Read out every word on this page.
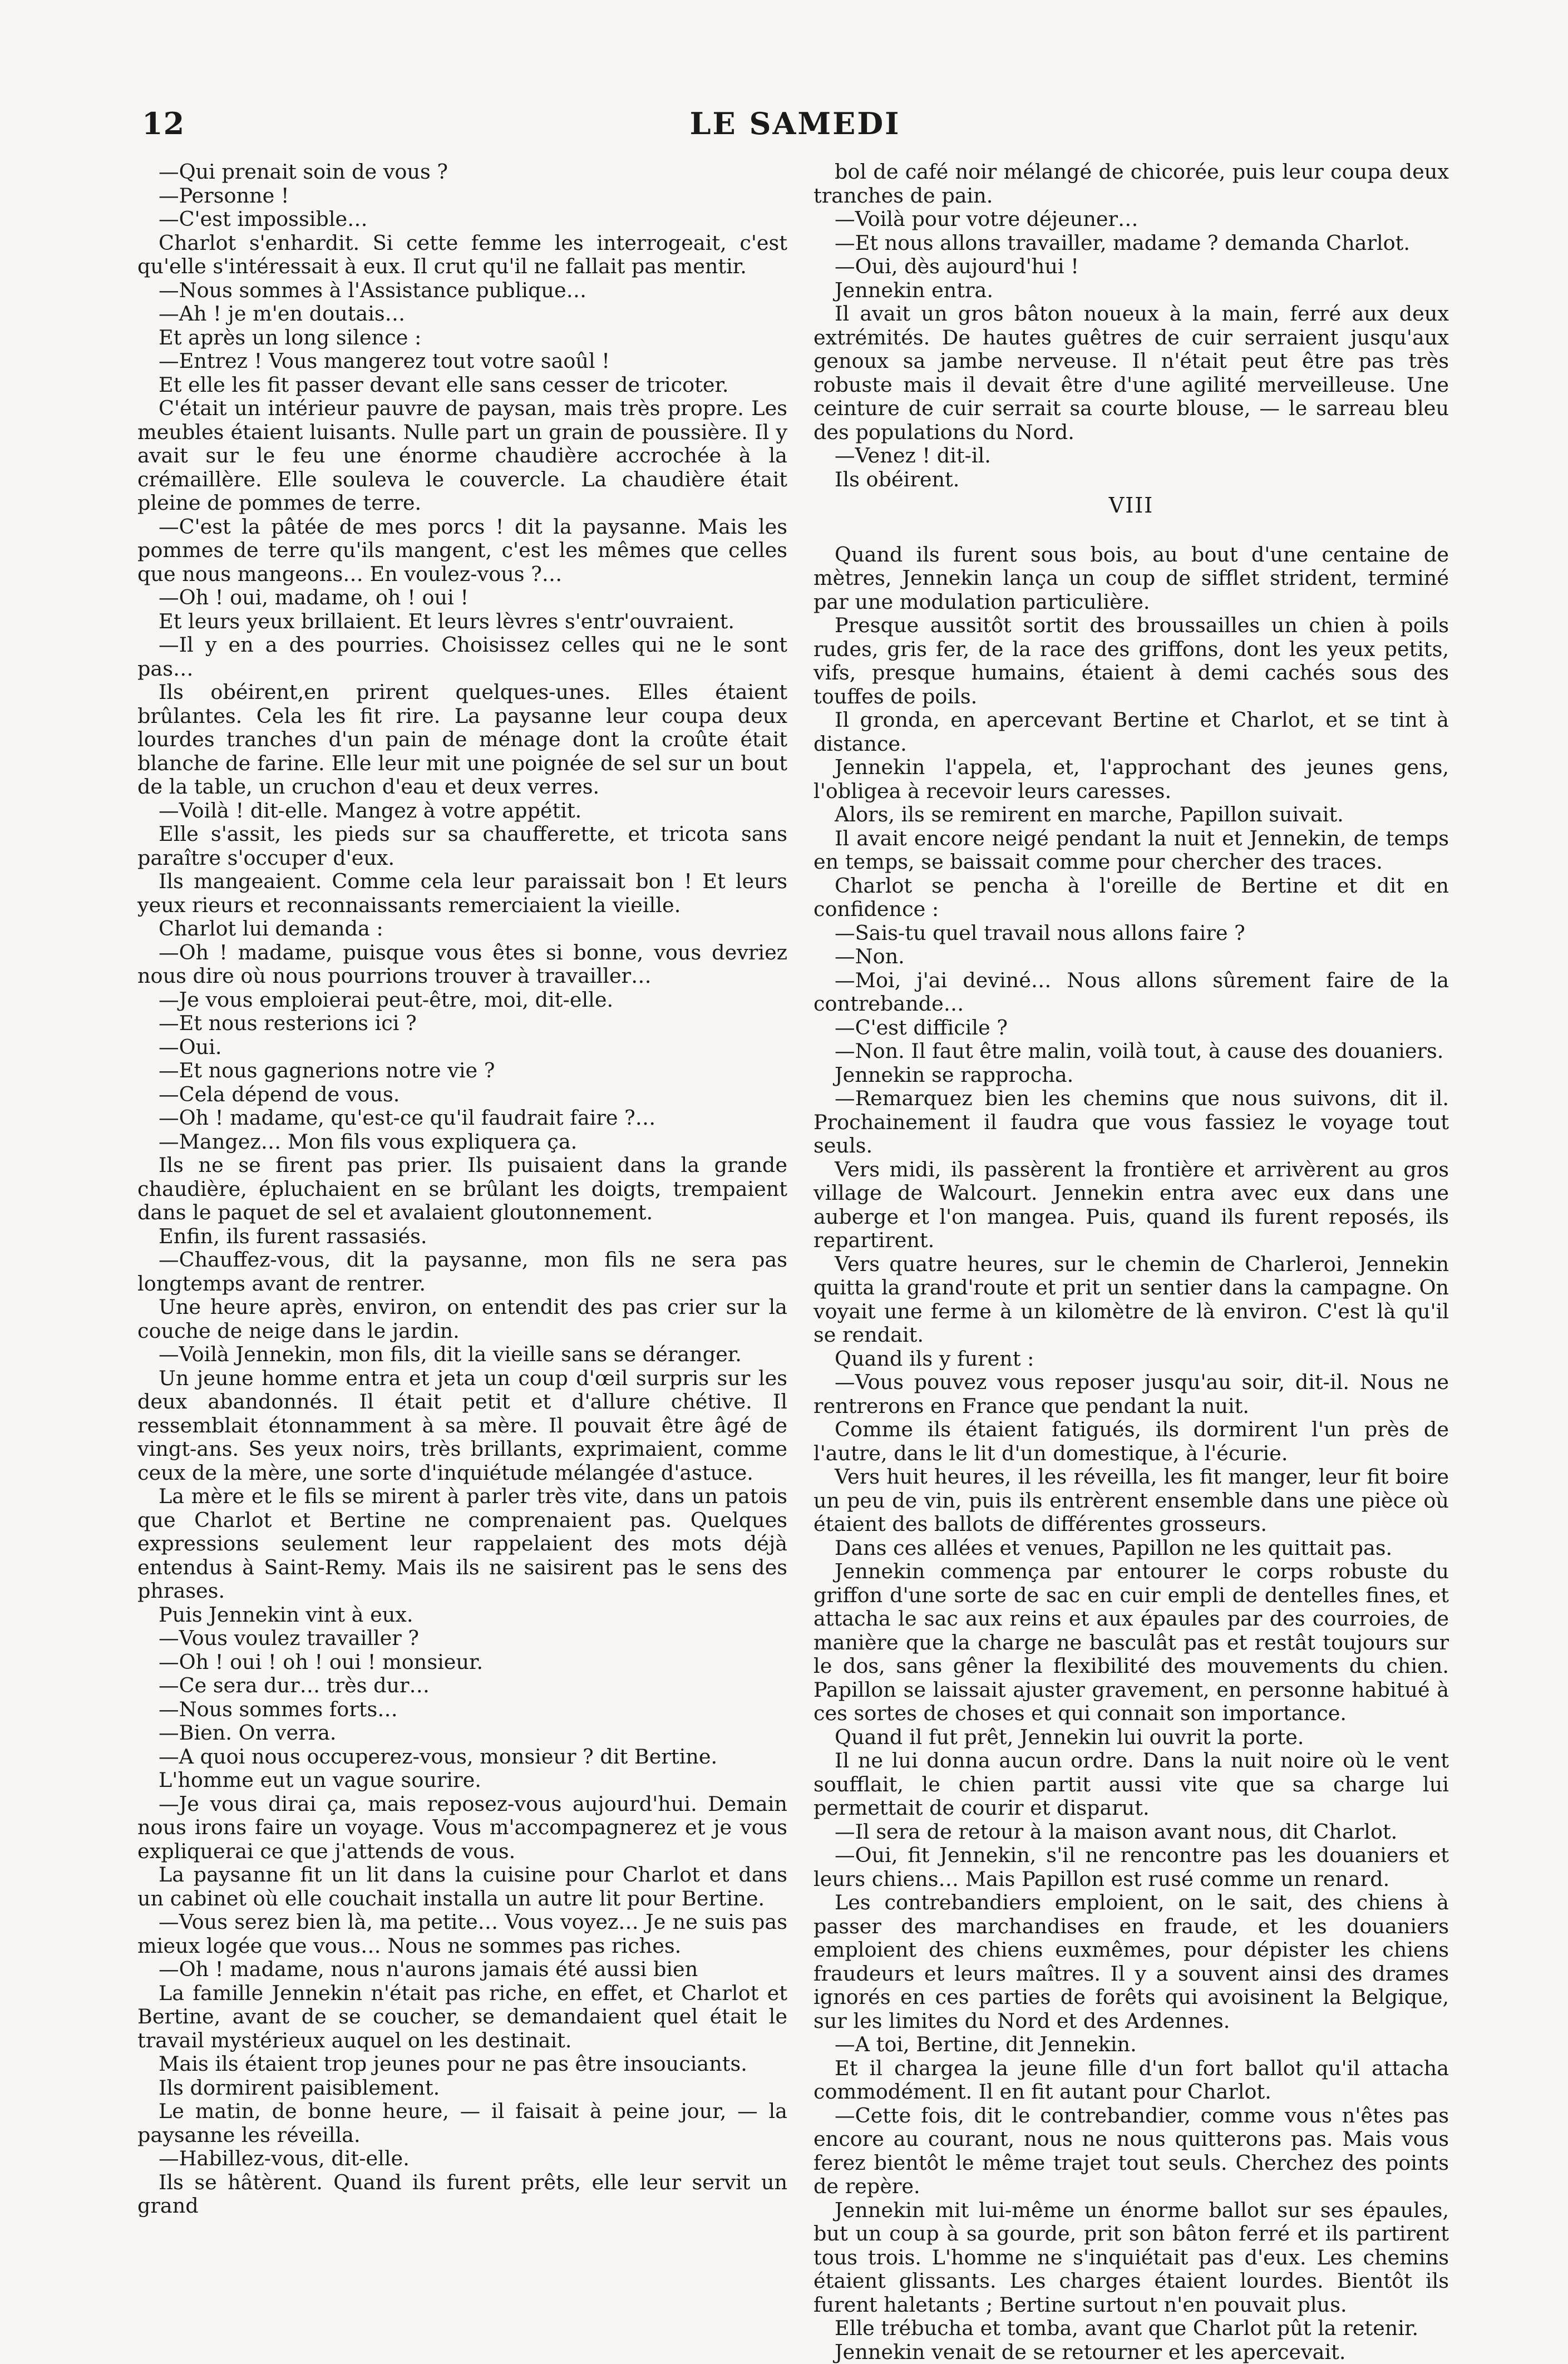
12	LE SAMEDI

—Qui prenait soin de vous ?

—Personne !

—C'est impossible…

Charlot s'enhardit. Si cette femme les interrogeait, c'est qu'elle s'intéressait à eux. Il crut qu'il ne fallait pas mentir.

—Nous sommes à l'Assistance publique…

—Ah ! je m'en doutais…

Et après un long silence :

—Entrez ! Vous mangerez tout votre saoûl !

Et elle les fit passer devant elle sans cesser de tricoter.

C'était un intérieur pauvre de paysan, mais très propre. Les meubles étaient luisants. Nulle part un grain de poussière. Il y avait sur le feu une énorme chaudière accrochée à la crémaillère. Elle souleva le couvercle. La chaudière était pleine de pommes de terre.

—C'est la pâtée de mes porcs ! dit la paysanne. Mais les pommes de terre qu'ils mangent, c'est les mêmes que celles que nous mangeons… En voulez-vous ?…

—Oh ! oui, madame, oh ! oui !

Et leurs yeux brillaient. Et leurs lèvres s'entr'ouvraient.

—Il y en a des pourries. Choisissez celles qui ne le sont pas…

Ils obéirent,en prirent quelques-unes. Elles étaient brûlantes. Cela les fit rire. La paysanne leur coupa deux lourdes tranches d'un pain de ménage dont la croûte était blanche de farine. Elle leur mit une poignée de sel sur un bout de la table, un cruchon d'eau et deux verres.

—Voilà ! dit-elle. Mangez à votre appétit.

Elle s'assit, les pieds sur sa chaufferette, et tricota sans paraître s'occuper d'eux.

Ils mangeaient. Comme cela leur paraissait bon ! Et leurs yeux rieurs et reconnaissants remerciaient la vieille.

Charlot lui demanda :

—Oh ! madame, puisque vous êtes si bonne, vous devriez nous dire où nous pourrions trouver à travailler…

—Je vous emploierai peut-être, moi, dit-elle.

—Et nous resterions ici ?

—Oui.

—Et nous gagnerions notre vie ?

—Cela dépend de vous.

—Oh ! madame, qu'est-ce qu'il faudrait faire ?…

—Mangez… Mon fils vous expliquera ça.

Ils ne se firent pas prier. Ils puisaient dans la grande chaudière, épluchaient en se brûlant les doigts, trempaient dans le paquet de sel et avalaient gloutonnement.

Enfin, ils furent rassasiés.

—Chauffez-vous, dit la paysanne, mon fils ne sera pas longtemps avant de rentrer.

Une heure après, environ, on entendit des pas crier sur la couche de neige dans le jardin.

—Voilà Jennekin, mon fils, dit la vieille sans se déranger.

Un jeune homme entra et jeta un coup d'œil surpris sur les deux abandonnés. Il était petit et d'allure chétive. Il ressemblait étonnamment à sa mère. Il pouvait être âgé de vingt-ans. Ses yeux noirs, très brillants, exprimaient, comme ceux de la mère, une sorte d'inquiétude mélangée d'astuce.

La mère et le fils se mirent à parler très vite, dans un patois que Charlot et Bertine ne comprenaient pas. Quelques expressions seulement leur rappelaient des mots déjà entendus à Saint-Remy. Mais ils ne saisirent pas le sens des phrases.

Puis Jennekin vint à eux.

—Vous voulez travailler ?

—Oh ! oui ! oh ! oui ! monsieur.

—Ce sera dur… très dur…

—Nous sommes forts…

—Bien. On verra.

—A quoi nous occuperez-vous, monsieur ? dit Bertine.

L'homme eut un vague sourire.

—Je vous dirai ça, mais reposez-vous aujourd'hui. Demain nous irons faire un voyage. Vous m'accompagnerez et je vous expliquerai ce que j'attends de vous.

La paysanne fit un lit dans la cuisine pour Charlot et dans un cabinet où elle couchait installa un autre lit pour Bertine.

—Vous serez bien là, ma petite… Vous voyez… Je ne suis pas mieux logée que vous… Nous ne sommes pas riches.

—Oh ! madame, nous n'aurons jamais été aussi bien

La famille Jennekin n'était pas riche, en effet, et Charlot et Bertine, avant de se coucher, se demandaient quel était le travail mystérieux auquel on les destinait.

Mais ils étaient trop jeunes pour ne pas être insouciants.

Ils dormirent paisiblement.

Le matin, de bonne heure, — il faisait à peine jour, — la paysanne les réveilla.

—Habillez-vous, dit-elle.

Ils se hâtèrent. Quand ils furent prêts, elle leur servit un grand

bol de café noir mélangé de chicorée, puis leur coupa deux tranches de pain.

—Voilà pour votre déjeuner…

—Et nous allons travailler, madame ? demanda Charlot.

—Oui, dès aujourd'hui !

Jennekin entra.

Il avait un gros bâton noueux à la main, ferré aux deux extrémités. De hautes guêtres de cuir serraient jusqu'aux genoux sa jambe nerveuse. Il n'était peut être pas très robuste mais il devait être d'une agilité merveilleuse. Une ceinture de cuir serrait sa courte blouse, — le sarreau bleu des populations du Nord.

—Venez ! dit-il.

Ils obéirent.

VIII

Quand ils furent sous bois, au bout d'une centaine de mètres, Jennekin lança un coup de sifflet strident, terminé par une modulation particulière.

Presque aussitôt sortit des broussailles un chien à poils rudes, gris fer, de la race des griffons, dont les yeux petits, vifs, presque humains, étaient à demi cachés sous des touffes de poils.

Il gronda, en apercevant Bertine et Charlot, et se tint à distance.

Jennekin l'appela, et, l'approchant des jeunes gens, l'obligea à recevoir leurs caresses.

Alors, ils se remirent en marche, Papillon suivait.

Il avait encore neigé pendant la nuit et Jennekin, de temps en temps, se baissait comme pour chercher des traces.

Charlot se pencha à l'oreille de Bertine et dit en confidence :

—Sais-tu quel travail nous allons faire ?

—Non.

—Moi, j'ai deviné… Nous allons sûrement faire de la contrebande…

—C'est difficile ?

—Non. Il faut être malin, voilà tout, à cause des douaniers.

Jennekin se rapprocha.

—Remarquez bien les chemins que nous suivons, dit il. Prochainement il faudra que vous fassiez le voyage tout seuls.

Vers midi, ils passèrent la frontière et arrivèrent au gros village de Walcourt. Jennekin entra avec eux dans une auberge et l'on mangea. Puis, quand ils furent reposés, ils repartirent.

Vers quatre heures, sur le chemin de Charleroi, Jennekin quitta la grand'route et prit un sentier dans la campagne. On voyait une ferme à un kilomètre de là environ. C'est là qu'il se rendait.

Quand ils y furent :

—Vous pouvez vous reposer jusqu'au soir, dit-il. Nous ne rentrerons en France que pendant la nuit.

Comme ils étaient fatigués, ils dormirent l'un près de l'autre, dans le lit d'un domestique, à l'écurie.

Vers huit heures, il les réveilla, les fit manger, leur fit boire un peu de vin, puis ils entrèrent ensemble dans une pièce où étaient des ballots de différentes grosseurs.

Dans ces allées et venues, Papillon ne les quittait pas.

Jennekin commença par entourer le corps robuste du griffon d'une sorte de sac en cuir empli de dentelles fines, et attacha le sac aux reins et aux épaules par des courroies, de manière que la charge ne basculât pas et restât toujours sur le dos, sans gêner la flexibilité des mouvements du chien. Papillon se laissait ajuster gravement, en personne habitué à ces sortes de choses et qui connait son importance.

Quand il fut prêt, Jennekin lui ouvrit la porte.

Il ne lui donna aucun ordre. Dans la nuit noire où le vent soufflait, le chien partit aussi vite que sa charge lui permettait de courir et disparut.

—Il sera de retour à la maison avant nous, dit Charlot.

—Oui, fit Jennekin, s'il ne rencontre pas les douaniers et leurs chiens… Mais Papillon est rusé comme un renard.

Les contrebandiers emploient, on le sait, des chiens à passer des marchandises en fraude, et les douaniers emploient des chiens euxmêmes, pour dépister les chiens fraudeurs et leurs maîtres. Il y a souvent ainsi des drames ignorés en ces parties de forêts qui avoisinent la Belgique, sur les limites du Nord et des Ardennes.

—A toi, Bertine, dit Jennekin.

Et il chargea la jeune fille d'un fort ballot qu'il attacha commodément. Il en fit autant pour Charlot.

—Cette fois, dit le contrebandier, comme vous n'êtes pas encore au courant, nous ne nous quitterons pas. Mais vous ferez bientôt le même trajet tout seuls. Cherchez des points de repère.

Jennekin mit lui-même un énorme ballot sur ses épaules, but un coup à sa gourde, prit son bâton ferré et ils partirent tous trois. L'homme ne s'inquiétait pas d'eux. Les chemins étaient glissants. Les charges étaient lourdes. Bientôt ils furent haletants ; Bertine surtout n'en pouvait plus.

Elle trébucha et tomba, avant que Charlot pût la retenir.

Jennekin venait de se retourner et les apercevait.
